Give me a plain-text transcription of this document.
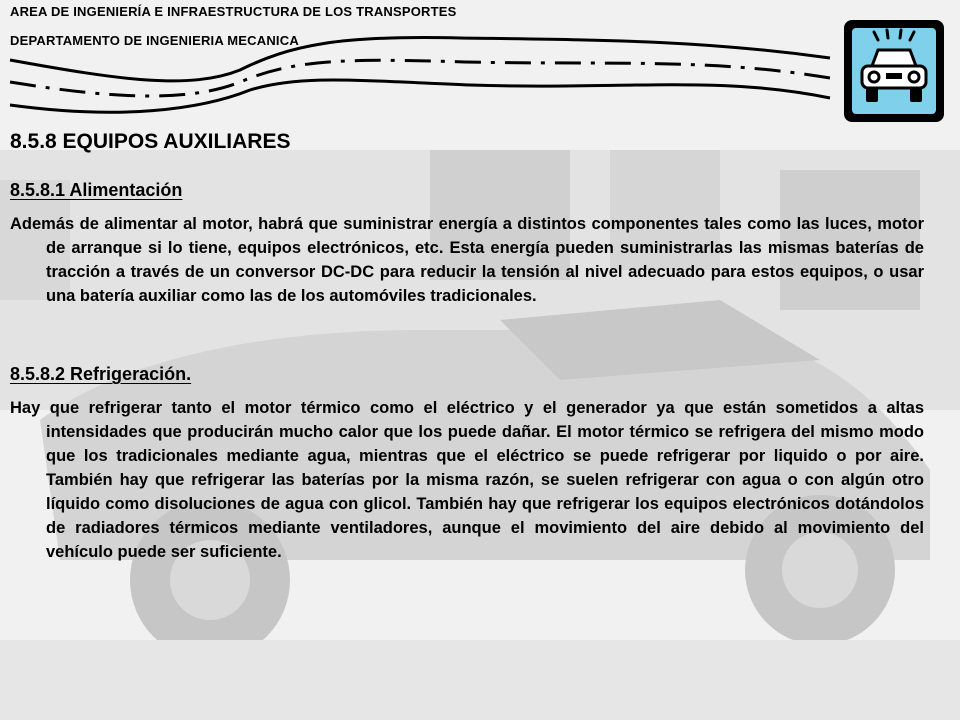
AREA DE INGENIERÍA E INFRAESTRUCTURA DE LOS TRANSPORTES
DEPARTAMENTO DE INGENIERIA MECANICA
8.5.8 EQUIPOS AUXILIARES
8.5.8.1 Alimentación

Además de alimentar al motor, habrá que suministrar energía a distintos componentes tales como las luces, motor de arranque si lo tiene, equipos electrónicos, etc. Esta energía pueden suministrarlas las mismas baterías de tracción a través de un conversor DC-DC para reducir la tensión al nivel adecuado para estos equipos, o usar una batería auxiliar como las de los automóviles tradicionales.

8.5.8.2 Refrigeración.

Hay que refrigerar tanto el motor térmico como el eléctrico y el generador ya que están sometidos a altas intensidades que producirán mucho calor que los puede dañar. El motor térmico se refrigera del mismo modo que los tradicionales mediante agua, mientras que el eléctrico se puede refrigerar por liquido o por aire. También hay que refrigerar las baterías por la misma razón, se suelen refrigerar con agua o con algún otro líquido como disoluciones de agua con glicol. También hay que refrigerar los equipos electrónicos dotándolos de radiadores térmicos mediante ventiladores, aunque el movimiento del aire debido al movimiento del vehículo puede ser suficiente.
